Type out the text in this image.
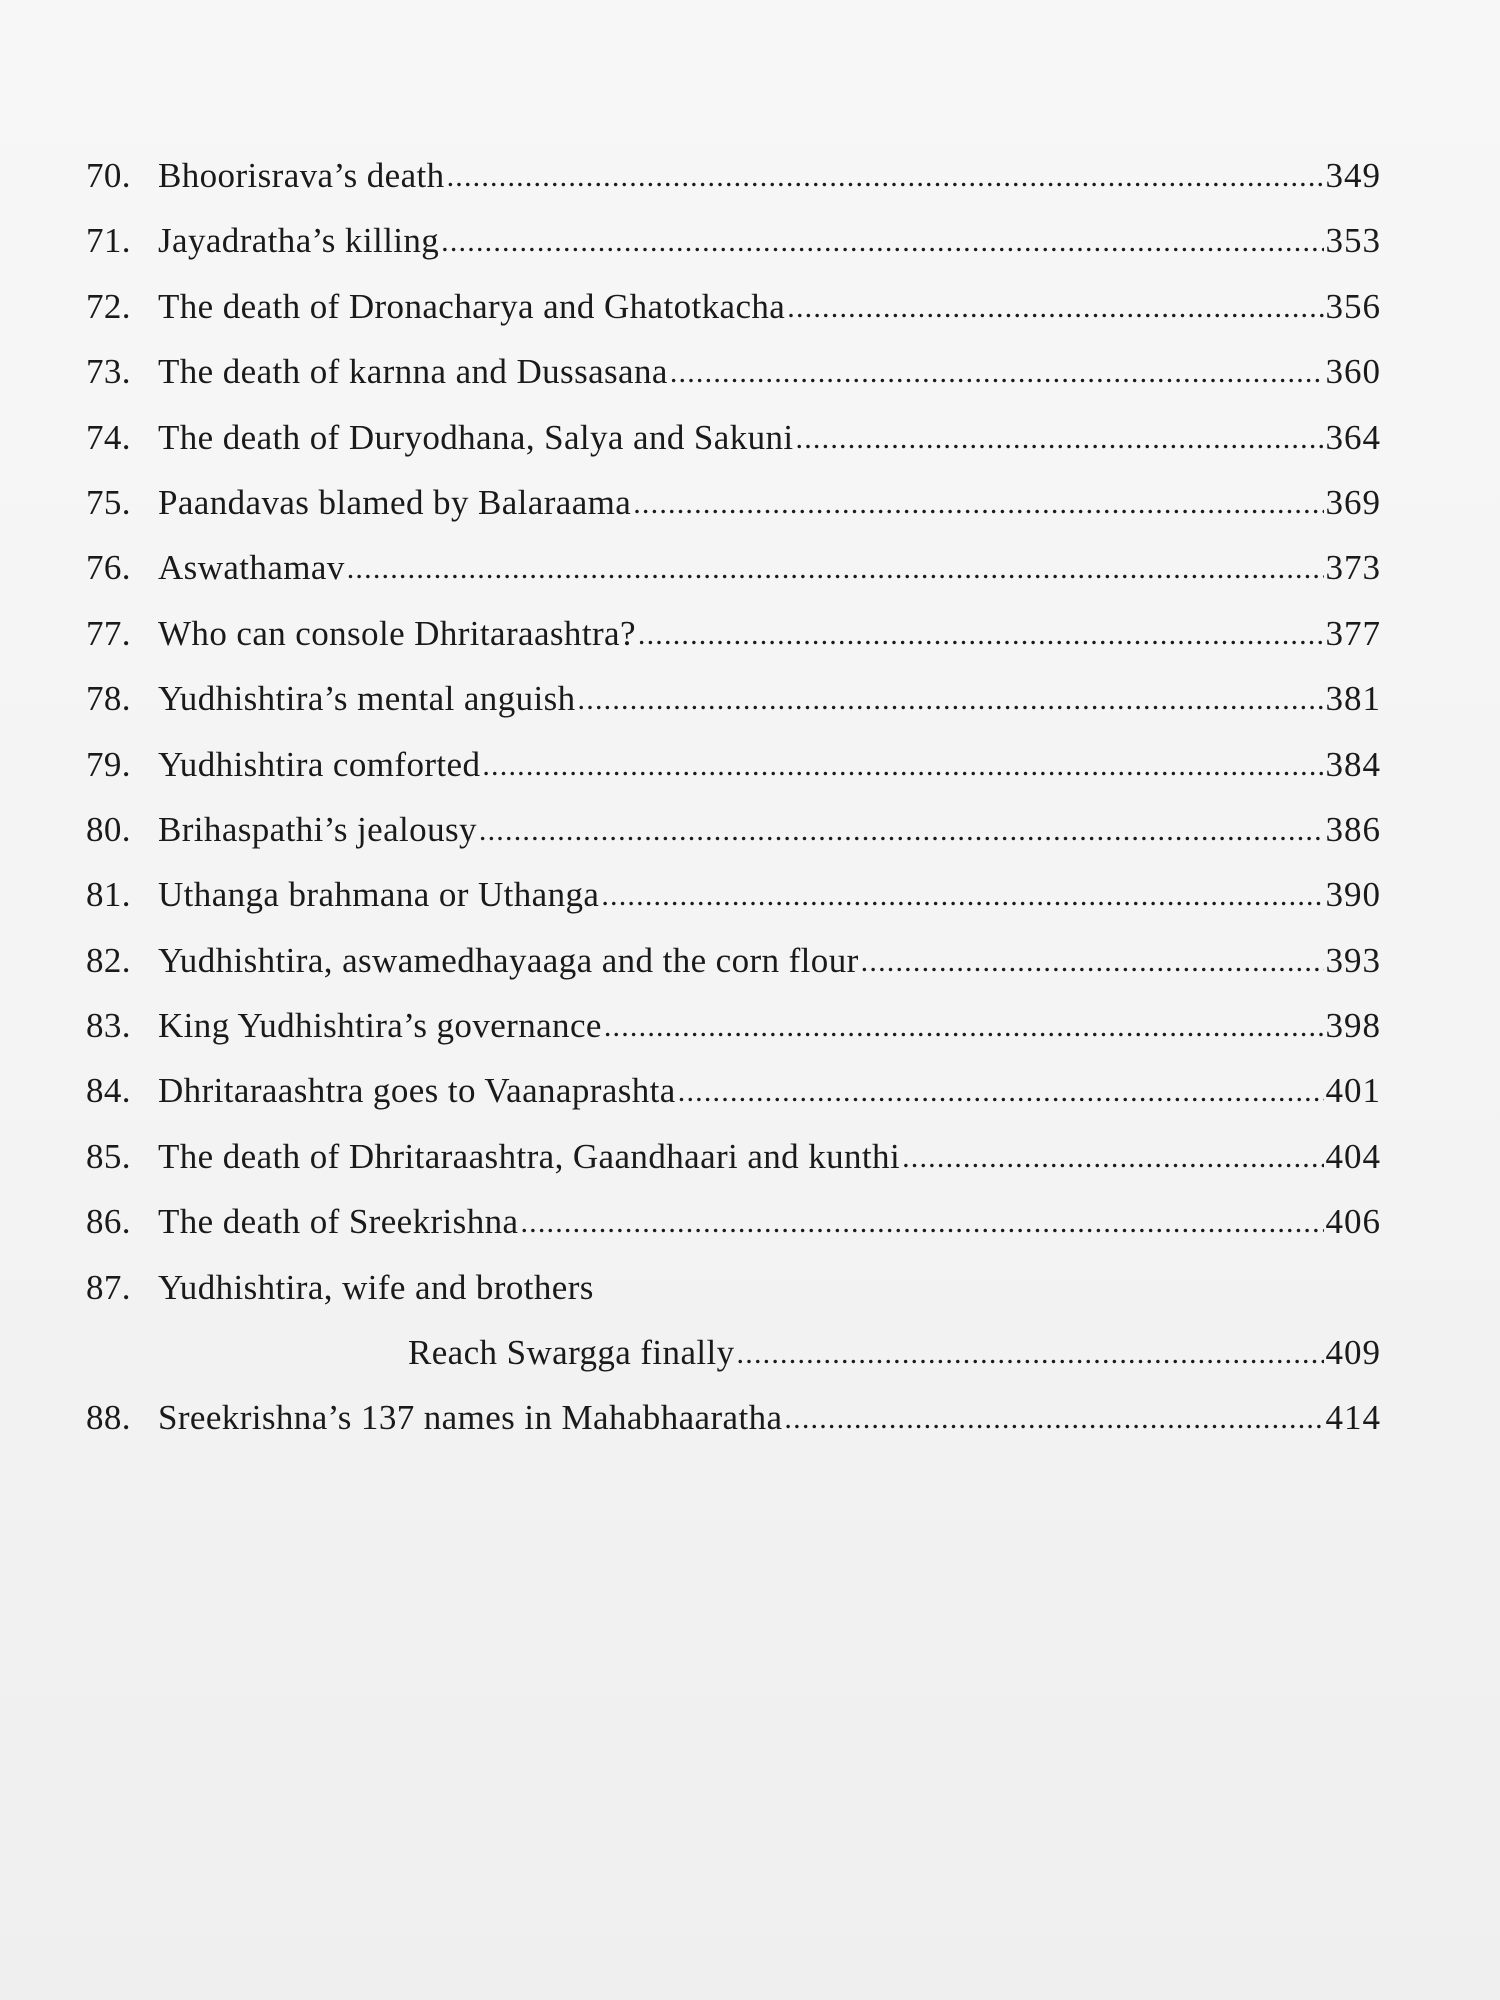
70. Bhoorisrava’s death .....	349
71. Jayadratha’s killing .....	353
72. The death of Dronacharya and Ghatotkacha .....	356
73. The death of karnna and Dussasana .....	360
74. The death of Duryodhana, Salya and Sakuni .....	364
75. Paandavas blamed by Balaraama .....	369
76. Aswathamav .....	373
77. Who can console Dhritaraashtra? .....	377
78. Yudhishtira’s mental anguish .....	381
79. Yudhishtira comforted .....	384
80. Brihaspathi’s jealousy .....	386
81. Uthanga brahmana or Uthanga .....	390
82. Yudhishtira, aswamedhayaaga and the corn flour .....	393
83. King Yudhishtira’s governance .....	398
84. Dhritaraashtra goes to Vaanaprashta .....	401
85. The death of Dhritaraashtra, Gaandhaari and kunthi .....	404
86. The death of Sreekrishna .....	406
87. Yudhishtira, wife and brothers
Reach Swargga finally .....	409
88. Sreekrishna’s 137 names in Mahabhaaratha .....	414
